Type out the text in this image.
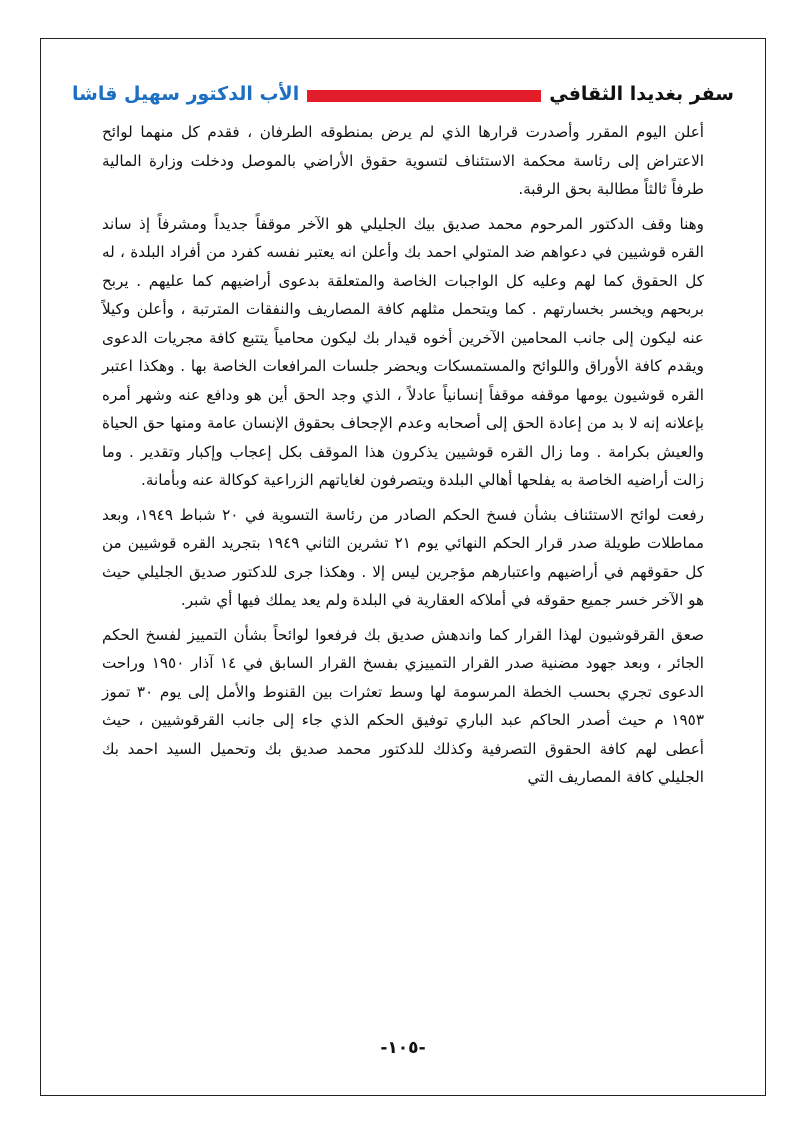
سفر بغديدا الثقافي
الأب الدكتور سهيل قاشا

أعلن اليوم المقرر وأصدرت قرارها الذي لم يرض بمنطوقه الطرفان ، فقدم كل منهما لوائح الاعتراض إلى رئاسة محكمة الاستئناف لتسوية حقوق الأراضي بالموصل ودخلت وزارة المالية طرفاً ثالثاً مطالبة بحق الرقبة.

وهنا وقف الدكتور المرحوم محمد صديق بيك الجليلي هو الآخر موقفاً جديداً ومشرفاً إذ ساند القره قوشيين في دعواهم ضد المتولي احمد بك وأعلن انه يعتبر نفسه كفرد من أفراد البلدة ، له كل الحقوق كما لهم وعليه كل الواجبات الخاصة والمتعلقة بدعوى أراضيهم كما عليهم . يربح بربحهم ويخسر بخسارتهم . كما ويتحمل مثلهم كافة المصاريف والنفقات المترتبة ، وأعلن وكيلاً عنه ليكون إلى جانب المحامين الآخرين أخوه قيدار بك ليكون محامياً يتتبع كافة مجريات الدعوى ويقدم كافة الأوراق واللوائح والمستمسكات ويحضر جلسات المرافعات الخاصة بها . وهكذا اعتبر القره قوشيون يومها موقفه موقفاً إنسانياً عادلاً ، الذي وجد الحق أين هو ودافع عنه وشهر أمره بإعلانه إنه لا بد من إعادة الحق إلى أصحابه وعدم الإجحاف بحقوق الإنسان عامة ومنها حق الحياة والعيش بكرامة . وما زال القره قوشيين يذكرون هذا الموقف بكل إعجاب وإكبار وتقدير . وما زالت أراضيه الخاصة به يفلحها أهالي البلدة ويتصرفون لغاياتهم الزراعية كوكالة عنه وبأمانة.

رفعت لوائح الاستئناف بشأن فسخ الحكم الصادر من رئاسة التسوية في ٢٠ شباط ١٩٤٩، وبعد مماطلات طويلة صدر قرار الحكم النهائي يوم ٢١ تشرين الثاني ١٩٤٩ بتجريد القره قوشيين من كل حقوقهم في أراضيهم واعتبارهم مؤجرين ليس إلا . وهكذا جرى للدكتور صديق الجليلي حيث هو الآخر خسر جميع حقوقه في أملاكه العقارية في البلدة ولم يعد يملك فيها أي شبر.

صعق القرقوشيون لهذا القرار كما واندهش صديق بك فرفعوا لوائحاً بشأن التمييز لفسخ الحكم الجائر ، وبعد جهود مضنية صدر القرار التمييزي بفسخ القرار السابق في ١٤ آذار ١٩٥٠ وراحت الدعوى تجري بحسب الخطة المرسومة لها وسط تعثرات بين القنوط والأمل إلى يوم ٣٠ تموز ١٩٥٣ م حيث أصدر الحاكم عبد الباري توفيق الحكم الذي جاء إلى جانب القرقوشيين ، حيث أعطى لهم كافة الحقوق التصرفية وكذلك للدكتور محمد صديق بك وتحميل السيد احمد بك الجليلي كافة المصاريف التي

-١٠٥-
